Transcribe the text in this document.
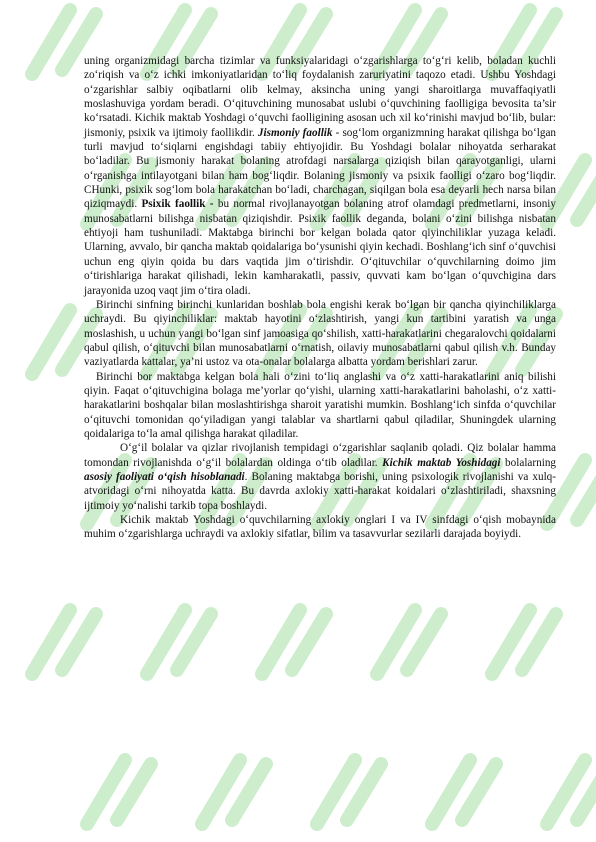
uning organizmidagi barcha tizimlar va funksiyalaridagi o‘zgarishlarga to‘g‘ri kelib, boladan kuchli zo‘riqish va o‘z ichki imkoniyatlaridan to‘liq foydalanish zaruriyatini taqozo etadi. Ushbu Yoshdagi o‘zgarishlar salbiy oqibatlarni olib kelmay, aksincha uning yangi sharoitlarga muvaffaqiyatli moslashuviga yordam beradi. O‘qituvchining munosabat uslubi o‘quvchining faolligiga bevosita ta’sir ko‘rsatadi. Kichik maktab Yoshdagi o‘quvchi faolligining asosan uch xil ko‘rinishi mavjud bo‘lib, bular: jismoniy, psixik va ijtimoiy faollikdir. Jismoniy faollik - sog‘lom organizmning harakat qilishga bo‘lgan turli mavjud to‘siqlarni engishdagi tabiiy ehtiyojidir. Bu Yoshdagi bolalar nihoyatda serharakat bo‘ladilar. Bu jismoniy harakat bolaning atrofdagi narsalarga qiziqish bilan qarayotganligi, ularni o‘rganishga intilayotgani bilan ham bog‘liqdir. Bolaning jismoniy va psixik faolligi o‘zaro bog‘liqdir. CHunki, psixik sog‘lom bola harakatchan bo‘ladi, charchagan, siqilgan bola esa deyarli hech narsa bilan qiziqmaydi. Psixik faollik - bu normal rivojlanayotgan bolaning atrof olamdagi predmetlarni, insoniy munosabatlarni bilishga nisbatan qiziqishdir. Psixik faollik deganda, bolani o‘zini bilishga nisbatan ehtiyoji ham tushuniladi. Maktabga birinchi bor kelgan bolada qator qiyinchiliklar yuzaga keladi. Ularning, avvalo, bir qancha maktab qoidalariga bo‘ysunishi qiyin kechadi. Boshlang‘ich sinf o‘quvchisi uchun eng qiyin qoida bu dars vaqtida jim o‘tirishdir. O‘qituvchilar o‘quvchilarning doimo jim o‘tirishlariga harakat qilishadi, lekin kamharakatli, passiv, quvvati kam bo‘lgan o‘quvchigina dars jarayonida uzoq vaqt jim o‘tira oladi.

Birinchi sinfning birinchi kunlaridan boshlab bola engishi kerak bo‘lgan bir qancha qiyinchiliklarga uchraydi. Bu qiyinchiliklar: maktab hayotini o‘zlashtirish, yangi kun tartibini yaratish va unga moslashish, u uchun yangi bo‘lgan sinf jamoasiga qo‘shilish, xatti-harakatlarini chegaralovchi qoidalarni qabul qilish, o‘qituvchi bilan munosabatlarni o‘rnatish, oilaviy munosabatlarni qabul qilish v.h. Bunday vaziyatlarda kattalar, ya’ni ustoz va ota-onalar bolalarga albatta yordam berishlari zarur.

Birinchi bor maktabga kelgan bola hali o‘zini to‘liq anglashi va o‘z xatti-harakatlarini aniq bilishi qiyin. Faqat o‘qituvchigina bolaga me’yorlar qo‘yishi, ularning xatti-harakatlarini baholashi, o‘z xatti-harakatlarini boshqalar bilan moslashtirishga sharoit yaratishi mumkin. Boshlang‘ich sinfda o‘quvchilar o‘qituvchi tomonidan qo‘yiladigan yangi talablar va shartlarni qabul qiladilar, Shuningdek ularning qoidalariga to‘la amal qilishga harakat qiladilar.

O‘g‘il bolalar va qizlar rivojlanish tempidagi o‘zgarishlar saqlanib qoladi. Qiz bolalar hamma tomondan rivojlanishda o‘g‘il bolalardan oldinga o‘tib oladilar. Kichik maktab Yoshidagi bolalarning asosiy faoliyati o‘qish hisoblanadi. Bolaning maktabga borishi, uning psixologik rivojlanishi va xulq-atvoridagi o‘rni nihoyatda katta. Bu davrda axlokiy xatti-harakat koidalari o‘zlashtiriladi, shaxsning ijtimoiy yo‘nalishi tarkib topa boshlaydi.

Kichik maktab Yoshdagi o‘quvchilarning axlokiy onglari I va IV sinfdagi o‘qish mobaynida muhim o‘zgarishlarga uchraydi va axlokiy sifatlar, bilim va tasavvurlar sezilarli darajada boyiydi.
